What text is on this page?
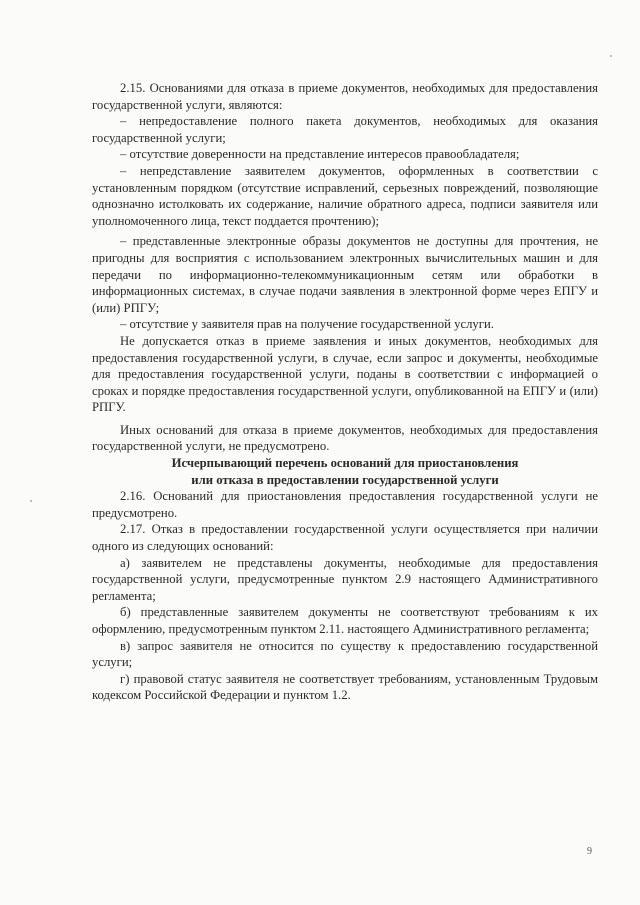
2.15. Основаниями для отказа в приеме документов, необходимых для предоставления государственной услуги, являются:

– непредоставление полного пакета документов, необходимых для оказания государственной услуги;

– отсутствие доверенности на представление интересов правообладателя;

– непредставление заявителем документов, оформленных в соответствии с установленным порядком (отсутствие исправлений, серьезных повреждений, позволяющие однозначно истолковать их содержание, наличие обратного адреса, подписи заявителя или уполномоченного лица, текст поддается прочтению);

– представленные электронные образы документов не доступны для прочтения, не пригодны для восприятия с использованием электронных вычислительных машин и для передачи по информационно-телекоммуникационным сетям или обработки в информационных системах, в случае подачи заявления в электронной форме через ЕПГУ и (или) РПГУ;

– отсутствие у заявителя прав на получение государственной услуги.

Не допускается отказ в приеме заявления и иных документов, необходимых для предоставления государственной услуги, в случае, если запрос и документы, необходимые для предоставления государственной услуги, поданы в соответствии с информацией о сроках и порядке предоставления государственной услуги, опубликованной на ЕПГУ и (или) РПГУ.

Иных оснований для отказа в приеме документов, необходимых для предоставления государственной услуги, не предусмотрено.

Исчерпывающий перечень оснований для приостановления
или отказа в предоставлении государственной услуги

2.16. Оснований для приостановления предоставления государственной услуги не предусмотрено.

2.17. Отказ в предоставлении государственной услуги осуществляется при наличии одного из следующих оснований:

а) заявителем не представлены документы, необходимые для предоставления государственной услуги, предусмотренные пунктом 2.9 настоящего Административного регламента;

б) представленные заявителем документы не соответствуют требованиям к их оформлению, предусмотренным пунктом 2.11. настоящего Административного регламента;

в) запрос заявителя не относится по существу к предоставлению государственной услуги;

г) правовой статус заявителя не соответствует требованиям, установленным Трудовым кодексом Российской Федерации и пунктом 1.2.

9
